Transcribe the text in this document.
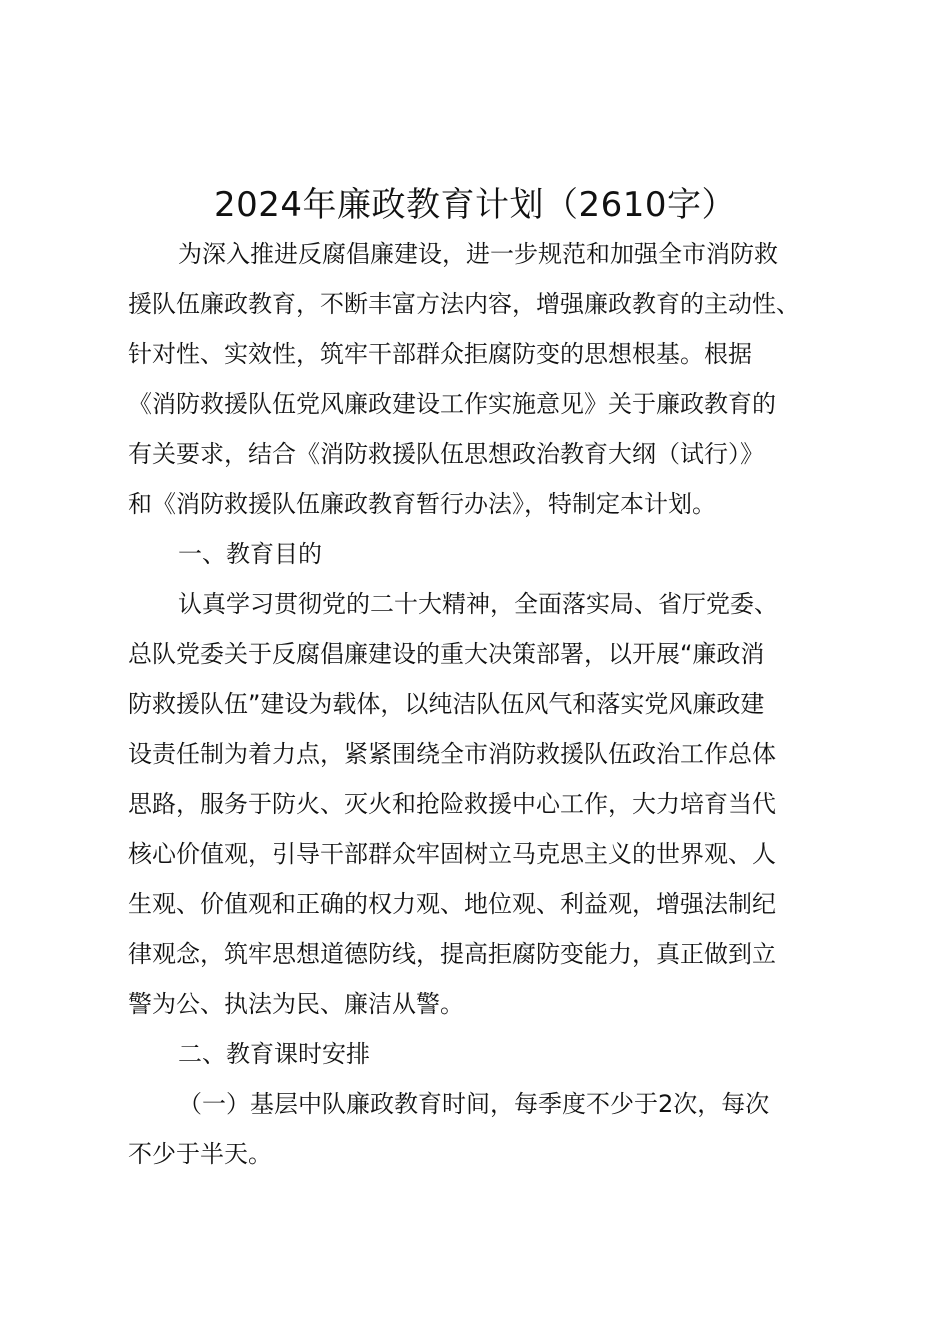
2024年廉政教育计划（2610字）
为深入推进反腐倡廉建设，进一步规范和加强全市消防救
援队伍廉政教育，不断丰富方法内容，增强廉政教育的主动性、
针对性、实效性，筑牢干部群众拒腐防变的思想根基。根据
《消防救援队伍党风廉政建设工作实施意见》关于廉政教育的
有关要求，结合《消防救援队伍思想政治教育大纲（试行）》
和《消防救援队伍廉政教育暂行办法》，特制定本计划。
一、教育目的
认真学习贯彻党的二十大精神，全面落实局、省厅党委、
总队党委关于反腐倡廉建设的重大决策部署，以开展“廉政消
防救援队伍”建设为载体，以纯洁队伍风气和落实党风廉政建
设责任制为着力点，紧紧围绕全市消防救援队伍政治工作总体
思路，服务于防火、灭火和抢险救援中心工作，大力培育当代
核心价值观，引导干部群众牢固树立马克思主义的世界观、人
生观、价值观和正确的权力观、地位观、利益观，增强法制纪
律观念，筑牢思想道德防线，提高拒腐防变能力，真正做到立
警为公、执法为民、廉洁从警。
二、教育课时安排
（一）基层中队廉政教育时间，每季度不少于2次，每次
不少于半天。
